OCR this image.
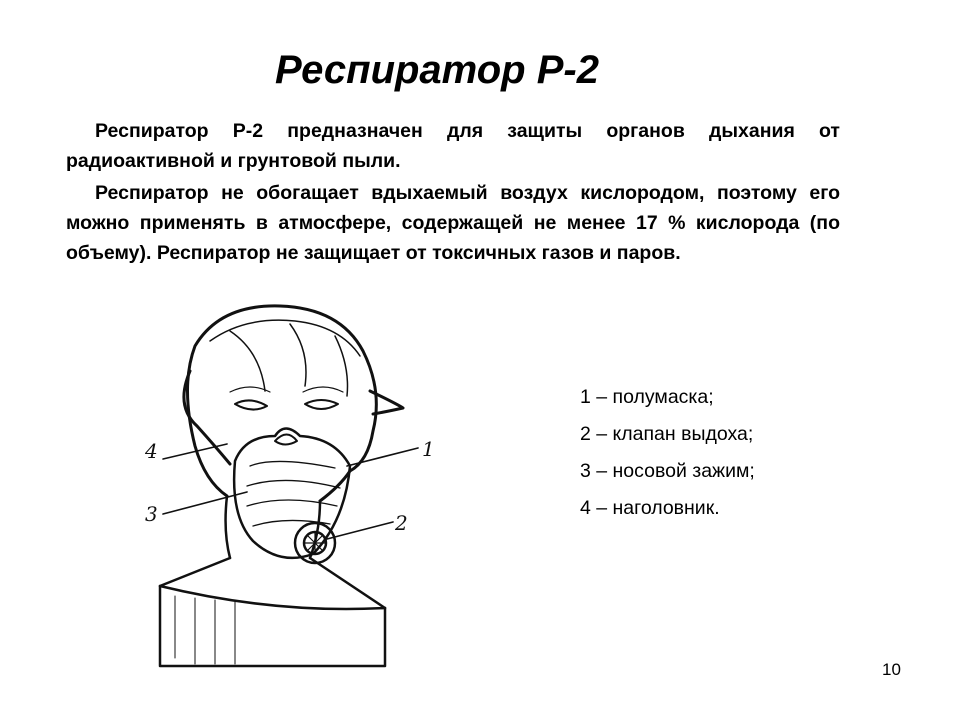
Респиратор Р-2

Респиратор Р-2 предназначен для защиты органов дыхания от радиоактивной и грунтовой пыли.

Респиратор не обогащает вдыхаемый воздух кислородом, поэтому его можно применять в атмосфере, содержащей не менее 17 % кислорода (по объему). Респиратор не защищает от токсичных газов и паров.

1
2
3
4
1 – полумаска;
2 – клапан выдоха;
3 – носовой зажим;
4 – наголовник.
10
